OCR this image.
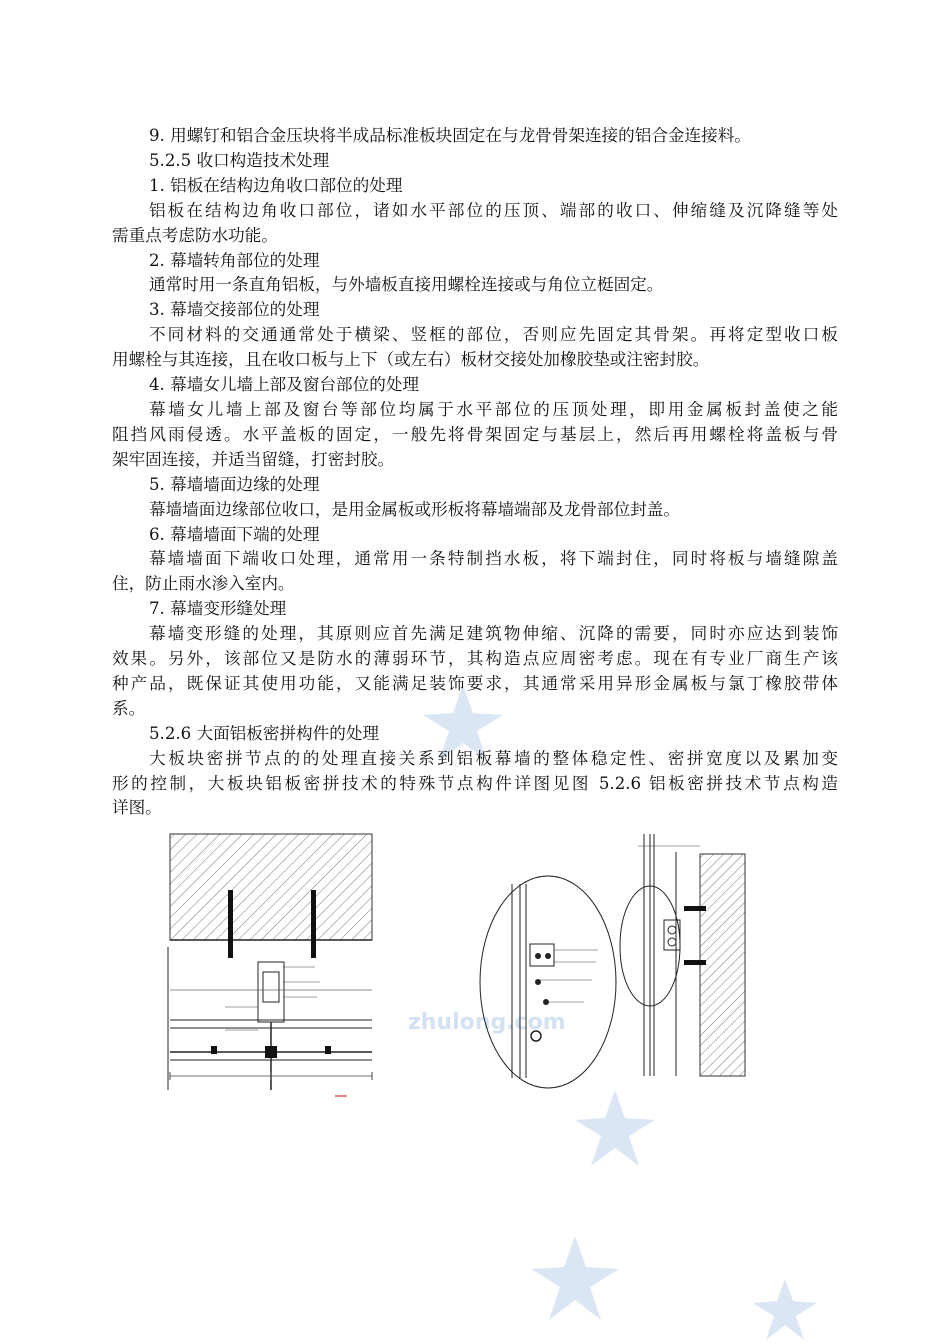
zhulong.com
9. 用螺钉和铝合金压块将半成品标准板块固定在与龙骨骨架连接的铝合金连接料。
5.2.5 收口构造技术处理
1. 铝板在结构边角收口部位的处理
铝板在结构边角收口部位，诸如水平部位的压顶、端部的收口、伸缩缝及沉降缝等处
需重点考虑防水功能。
2. 幕墙转角部位的处理
通常时用一条直角铝板，与外墙板直接用螺栓连接或与角位立梃固定。
3. 幕墙交接部位的处理
不同材料的交通通常处于横梁、竖框的部位，否则应先固定其骨架。再将定型收口板
用螺栓与其连接，且在收口板与上下（或左右）板材交接处加橡胶垫或注密封胶。
4. 幕墙女儿墙上部及窗台部位的处理
幕墙女儿墙上部及窗台等部位均属于水平部位的压顶处理，即用金属板封盖使之能
阻挡风雨侵透。水平盖板的固定，一般先将骨架固定与基层上，然后再用螺栓将盖板与骨
架牢固连接，并适当留缝，打密封胶。
5. 幕墙墙面边缘的处理
幕墙墙面边缘部位收口，是用金属板或形板将幕墙端部及龙骨部位封盖。
6. 幕墙墙面下端的处理
幕墙墙面下端收口处理，通常用一条特制挡水板，将下端封住，同时将板与墙缝隙盖
住，防止雨水渗入室内。
7. 幕墙变形缝处理
幕墙变形缝的处理，其原则应首先满足建筑物伸缩、沉降的需要，同时亦应达到装饰
效果。另外，该部位又是防水的薄弱环节，其构造点应周密考虑。现在有专业厂商生产该
种产品，既保证其使用功能，又能满足装饰要求，其通常采用异形金属板与氯丁橡胶带体
系。
5.2.6 大面铝板密拼构件的处理
大板块密拼节点的的处理直接关系到铝板幕墙的整体稳定性、密拼宽度以及累加变
形的控制，大板块铝板密拼技术的特殊节点构件详图见图 5.2.6 铝板密拼技术节点构造
详图。
